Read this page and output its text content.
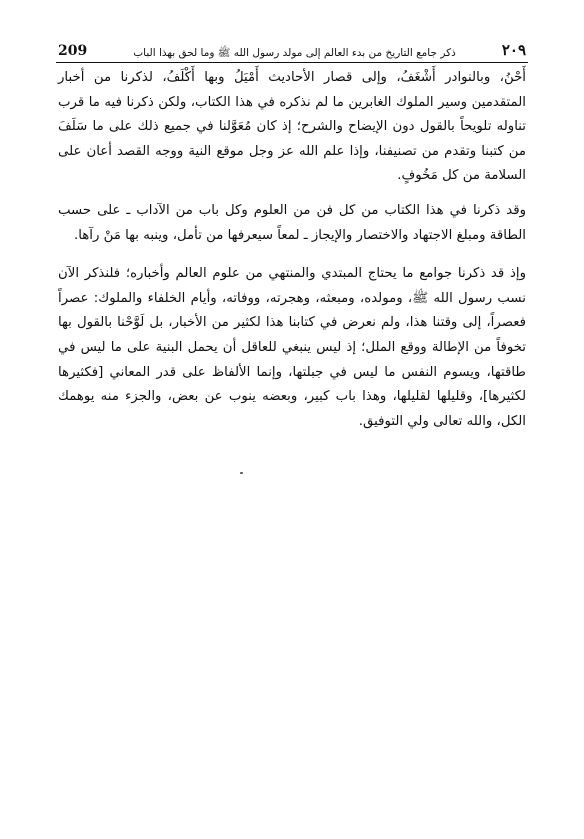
٢٠٩
ذكر جامع التاريخ من بدء العالم إلى مولد رسول الله ﷺ وما لحق بهذا الباب
209

أَحْنُ، وبالنوادر أَشْغَفُ، وإلى قصار الأحاديث أَمْيَلُ وبها أَكْلَفُ، لذكرنا من أخبار المتقدمين وسير الملوك الغابرين ما لم نذكره في هذا الكتاب، ولكن ذكرنا فيه ما قرب تناوله تلويحاً بالقول دون الإيضاح والشرح؛ إذ كان مُعَوَّلنا في جميع ذلك على ما سَلَفَ من كتبنا وتقدم من تصنيفنا، وإذا علم الله عز وجل موقع النية ووجه القصد أعان على السلامة من كل مَخُوفٍ.

وقد ذكرنا في هذا الكتاب من كل فن من العلوم وكل باب من الآداب ـ على حسب الطاقة ومبلغ الاجتهاد والاختصار والإيجاز ـ لمعاً سيعرفها من تأمل، وينبه بها مَنْ رآها.

وإذ قد ذكرنا جوامع ما يحتاج المبتدي والمنتهي من علوم العالم وأخباره؛ فلنذكر الآن نسب رسول الله ﷺ، ومولده، ومبعثه، وهجرته، ووفاته، وأيام الخلفاء والملوك: عصراً فعصراً، إلى وقتنا هذا، ولم نعرض في كتابنا هذا لكثير من الأخبار، بل لَوَّحْنا بالقول بها تخوفاً من الإطالة ووقع الملل؛ إذ ليس ينبغي للعاقل أن يحمل البنية على ما ليس في طاقتها، ويسوم النفس ما ليس في جبلتها، وإنما الألفاظ على قدر المعاني [فكثيرها لكثيرها]، وقليلها لقليلها، وهذا باب كبير، وبعضه ينوب عن بعض، والجزء منه يوهمك الكل، والله تعالى ولي التوفيق.
